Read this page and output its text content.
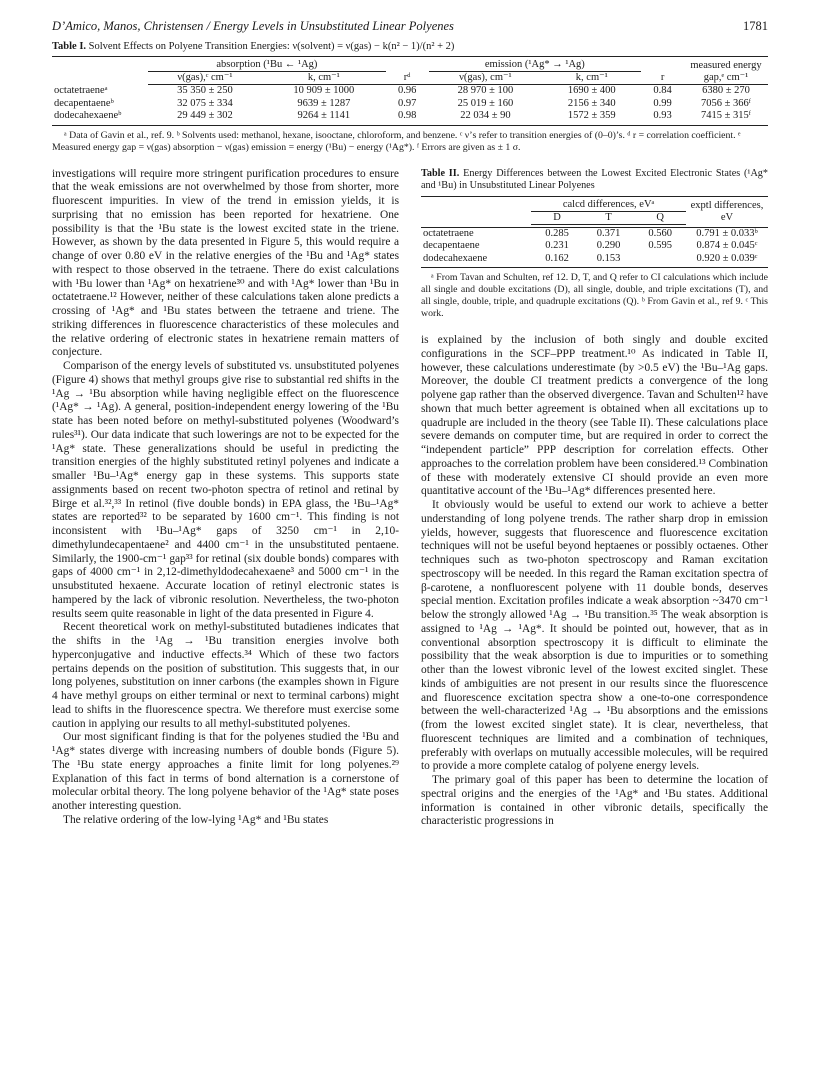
D’Amico, Manos, Christensen / Energy Levels in Unsubstituted Linear Polyenes	1781
Table I. Solvent Effects on Polyene Transition Energies: ν(solvent) = ν(gas) − k(n² − 1)/(n² + 2)

	absorption (¹Bu ← ¹Ag)			emission (¹Ag* → ¹Ag)			measured energy gap,ᵉ cm⁻¹
	ν(gas),ᶜ cm⁻¹	k, cm⁻¹	rᵈ	ν(gas), cm⁻¹	k, cm⁻¹	r	
octatetraeneᵃ	35 350 ± 250	10 909 ± 1000	0.96	28 970 ± 100	1690 ± 400	0.84	6380 ± 270
decapentaeneᵇ	32 075 ± 334	9639 ± 1287	0.97	25 019 ± 160	2156 ± 340	0.99	7056 ± 366ᶠ
dodecahexaeneᵇ	29 449 ± 302	9264 ± 1141	0.98	22 034 ± 90	1572 ± 359	0.93	7415 ± 315ᶠ

ᵃ Data of Gavin et al., ref. 9. ᵇ Solvents used: methanol, hexane, isooctane, chloroform, and benzene. ᶜ ν’s refer to transition energies of (0–0)’s. ᵈ r = correlation coefficient. ᵉ Measured energy gap = ν(gas) absorption − ν(gas) emission = energy (¹Bu) − energy (¹Ag*). ᶠ Errors are given as ± 1 σ.

investigations will require more stringent purification procedures to ensure that the weak emissions are not overwhelmed by those from shorter, more fluorescent impurities. In view of the trend in emission yields, it is surprising that no emission has been reported for hexatriene. One possibility is that the ¹Bu state is the lowest excited state in the triene. However, as shown by the data presented in Figure 5, this would require a change of over 0.80 eV in the relative energies of the ¹Bu and ¹Ag* states with respect to those observed in the tetraene. There do exist calculations with ¹Bu lower than ¹Ag* on hexatriene³⁰ and with ¹Ag* lower than ¹Bu in octatetraene.¹² However, neither of these calculations taken alone predicts a crossing of ¹Ag* and ¹Bu states between the tetraene and triene. The striking differences in fluorescence characteristics of these molecules and the relative ordering of electronic states in hexatriene remain matters of conjecture.

Comparison of the energy levels of substituted vs. unsubstituted polyenes (Figure 4) shows that methyl groups give rise to substantial red shifts in the ¹Ag → ¹Bu absorption while having negligible effect on the fluorescence (¹Ag* → ¹Ag). A general, position-independent energy lowering of the ¹Bu state has been noted before on methyl-substituted polyenes (Woodward’s rules³¹). Our data indicate that such lowerings are not to be expected for the ¹Ag* state. These generalizations should be useful in predicting the transition energies of the highly substituted retinyl polyenes and indicate a smaller ¹Bu–¹Ag* energy gap in these systems. This supports state assignments based on recent two-photon spectra of retinol and retinal by Birge et al.³²,³³ In retinol (five double bonds) in EPA glass, the ¹Bu–¹Ag* states are reported³² to be separated by 1600 cm⁻¹. This finding is not inconsistent with ¹Bu–¹Ag* gaps of 3250 cm⁻¹ in 2,10-dimethylundecapentaene² and 4400 cm⁻¹ in the unsubstituted pentaene. Similarly, the 1900-cm⁻¹ gap³³ for retinal (six double bonds) compares with gaps of 4000 cm⁻¹ in 2,12-dimethyldodecahexaene³ and 5000 cm⁻¹ in the unsubstituted hexaene. Accurate location of retinyl electronic states is hampered by the lack of vibronic resolution. Nevertheless, the two-photon results seem quite reasonable in light of the data presented in Figure 4.

Recent theoretical work on methyl-substituted butadienes indicates that the shifts in the ¹Ag → ¹Bu transition energies involve both hyperconjugative and inductive effects.³⁴ Which of these two factors pertains depends on the position of substitution. This suggests that, in our long polyenes, substitution on inner carbons (the examples shown in Figure 4 have methyl groups on either terminal or next to terminal carbons) might lead to shifts in the fluorescence spectra. We therefore must exercise some caution in applying our results to all methyl-substituted polyenes.

Our most significant finding is that for the polyenes studied the ¹Bu and ¹Ag* states diverge with increasing numbers of double bonds (Figure 5). The ¹Bu state energy approaches a finite limit for long polyenes.²⁹ Explanation of this fact in terms of bond alternation is a cornerstone of molecular orbital theory. The long polyene behavior of the ¹Ag* state poses another interesting question.

The relative ordering of the low-lying ¹Ag* and ¹Bu states

Table II. Energy Differences between the Lowest Excited Electronic States (¹Ag* and ¹Bu) in Unsubstituted Linear Polyenes

	calcd differences, eVᵃ			exptl differences, eV
	D	T	Q	

octatetraene	0.285	0.371	0.560	0.791 ± 0.033ᵇ
decapentaene	0.231	0.290	0.595	0.874 ± 0.045ᶜ
dodecahexaene	0.162	0.153		0.920 ± 0.039ᶜ

ᵃ From Tavan and Schulten, ref 12. D, T, and Q refer to CI calculations which include all single and double excitations (D), all single, double, and triple excitations (T), and all single, double, triple, and quadruple excitations (Q). ᵇ From Gavin et al., ref 9. ᶜ This work.

is explained by the inclusion of both singly and double excited configurations in the SCF–PPP treatment.¹⁰ As indicated in Table II, however, these calculations underestimate (by >0.5 eV) the ¹Bu–¹Ag gaps. Moreover, the double CI treatment predicts a convergence of the long polyene gap rather than the observed divergence. Tavan and Schulten¹² have shown that much better agreement is obtained when all excitations up to quadruple are included in the theory (see Table II). These calculations place severe demands on computer time, but are required in order to correct the “independent particle” PPP description for correlation effects. Other approaches to the correlation problem have been considered.¹³ Combination of these with moderately extensive CI should provide an even more quantitative account of the ¹Bu–¹Ag* differences presented here.

It obviously would be useful to extend our work to achieve a better understanding of long polyene trends. The rather sharp drop in emission yields, however, suggests that fluorescence and fluorescence excitation techniques will not be useful beyond heptaenes or possibly octaenes. Other techniques such as two-photon spectroscopy and Raman excitation spectroscopy will be needed. In this regard the Raman excitation spectra of β-carotene, a nonfluorescent polyene with 11 double bonds, deserves special mention. Excitation profiles indicate a weak absorption ~3470 cm⁻¹ below the strongly allowed ¹Ag → ¹Bu transition.³⁵ The weak absorption is assigned to ¹Ag → ¹Ag*. It should be pointed out, however, that as in conventional absorption spectroscopy it is difficult to eliminate the possibility that the weak absorption is due to impurities or to something other than the lowest vibronic level of the lowest excited singlet. These kinds of ambiguities are not present in our results since the fluorescence and fluorescence excitation spectra show a one-to-one correspondence between the well-characterized ¹Ag → ¹Bu absorptions and the emissions (from the lowest excited singlet state). It is clear, nevertheless, that fluorescent techniques are limited and a combination of techniques, preferably with overlaps on mutually accessible molecules, will be required to provide a more complete catalog of polyene energy levels.

The primary goal of this paper has been to determine the location of spectral origins and the energies of the ¹Ag* and ¹Bu states. Additional information is contained in other vibronic details, specifically the characteristic progressions in
